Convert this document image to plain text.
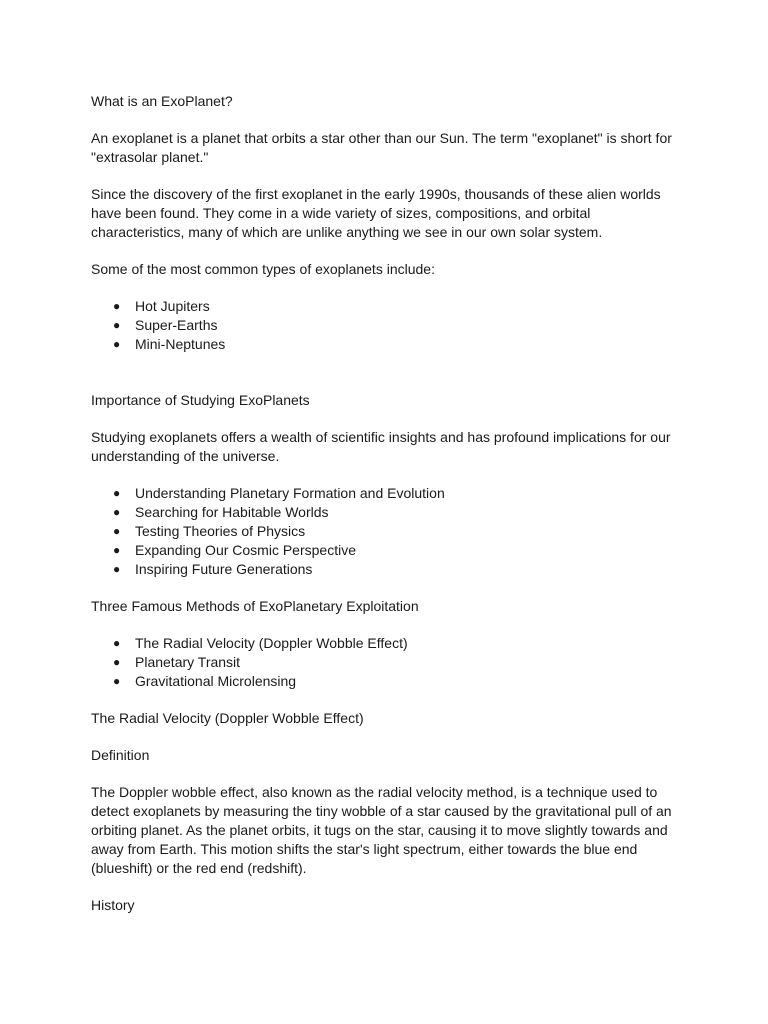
What is an ExoPlanet?

An exoplanet is a planet that orbits a star other than our Sun. The term "exoplanet" is short for "extrasolar planet."

Since the discovery of the first exoplanet in the early 1990s, thousands of these alien worlds have been found. They come in a wide variety of sizes, compositions, and orbital characteristics, many of which are unlike anything we see in our own solar system.

Some of the most common types of exoplanets include:

● Hot Jupiters
● Super-Earths
● Mini-Neptunes

Importance of Studying ExoPlanets

Studying exoplanets offers a wealth of scientific insights and has profound implications for our understanding of the universe.

● Understanding Planetary Formation and Evolution
● Searching for Habitable Worlds
● Testing Theories of Physics
● Expanding Our Cosmic Perspective
● Inspiring Future Generations

Three Famous Methods of ExoPlanetary Exploitation

● The Radial Velocity (Doppler Wobble Effect)
● Planetary Transit
● Gravitational Microlensing

The Radial Velocity (Doppler Wobble Effect)

Definition

The Doppler wobble effect, also known as the radial velocity method, is a technique used to detect exoplanets by measuring the tiny wobble of a star caused by the gravitational pull of an orbiting planet. As the planet orbits, it tugs on the star, causing it to move slightly towards and away from Earth. This motion shifts the star's light spectrum, either towards the blue end (blueshift) or the red end (redshift).

History
